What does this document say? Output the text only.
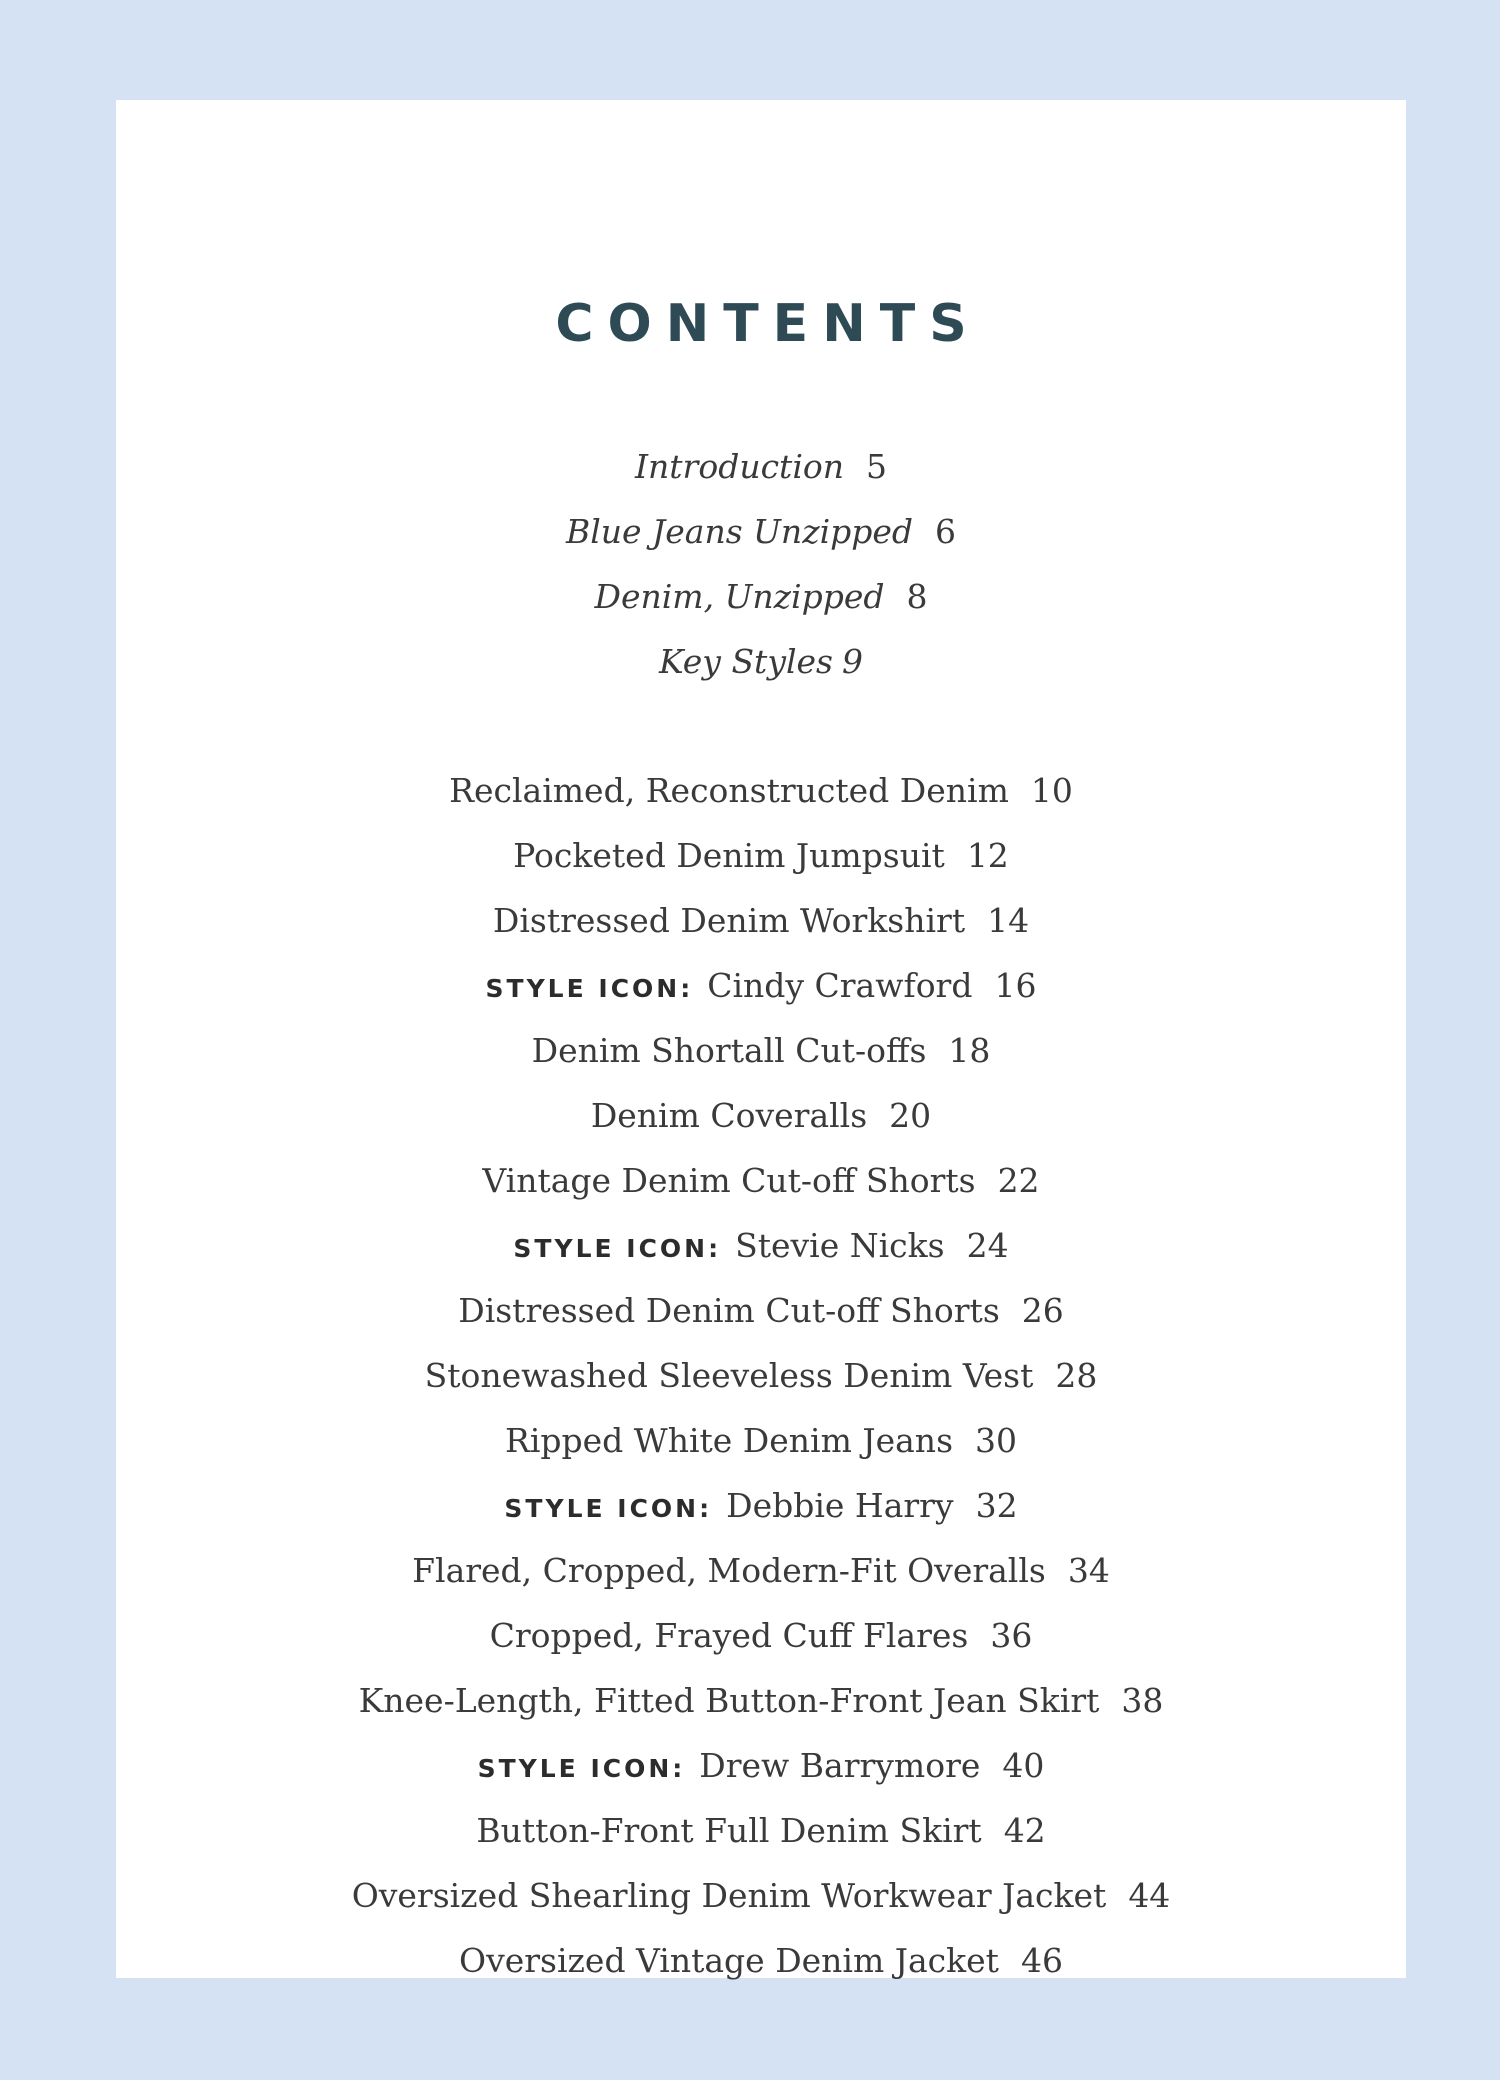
CONTENTS
Introduction 5
Blue Jeans Unzipped 6
Denim, Unzipped 8
Key Styles 9
Reclaimed, Reconstructed Denim 10
Pocketed Denim Jumpsuit 12
Distressed Denim Workshirt 14
STYLE ICON: Cindy Crawford 16
Denim Shortall Cut-offs 18
Denim Coveralls 20
Vintage Denim Cut-off Shorts 22
STYLE ICON: Stevie Nicks 24
Distressed Denim Cut-off Shorts 26
Stonewashed Sleeveless Denim Vest 28
Ripped White Denim Jeans 30
STYLE ICON: Debbie Harry 32
Flared, Cropped, Modern-Fit Overalls 34
Cropped, Frayed Cuff Flares 36
Knee-Length, Fitted Button-Front Jean Skirt 38
STYLE ICON: Drew Barrymore 40
Button-Front Full Denim Skirt 42
Oversized Shearling Denim Workwear Jacket 44
Oversized Vintage Denim Jacket 46
